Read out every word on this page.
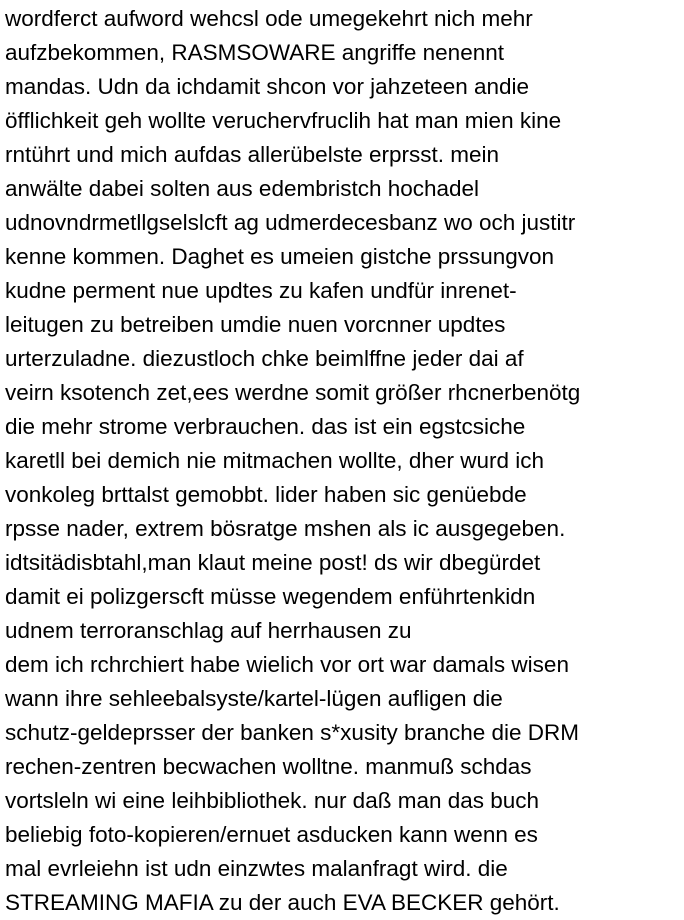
wordferct aufword wehcsl ode umegekehrt nich mehr
aufzbekommen, RASMSOWARE angriffe nenennt
mandas. Udn da ichdamit shcon vor jahzeteen andie
öfflichkeit geh wollte veruchervfruclih hat man mien kine
rntührt und mich aufdas allerübelste erprsst. mein
anwälte dabei solten aus edembristch hochadel
udnovndrmetllgselslcft ag udmerdecesbanz wo och justitr
kenne kommen. Daghet es umeien gistche prssungvon
kudne perment nue updtes zu kafen undfür inrenet-
leitugen zu betreiben umdie nuen vorcnner updtes
urterzuladne. diezustloch chke beimlffne jeder dai af
veirn ksotench zet,ees werdne somit größer rhcnerbenötg
die mehr strome verbrauchen. das ist ein egstcsiche
karetll bei demich nie mitmachen wollte, dher wurd ich
vonkoleg brttalst gemobbt. lider haben sic genüebde
rpsse nader, extrem bösratge mshen als ic ausgegeben.
idtsitädisbtahl,man klaut meine post! ds wir dbegürdet
damit ei polizgerscft müsse wegendem enführtenkidn
udnem terroranschlag auf herrhausen zu
dem ich rchrchiert habe wielich vor ort war damals wisen
wann ihre sehleebalsyste/kartel-lügen aufligen die
schutz-geldeprsser der banken s*xusity branche die DRM
rechen-zentren becwachen wolltne. manmuß schdas
vortsleln wi eine leihbibliothek. nur daß man das buch
beliebig foto-kopieren/ernuet asducken kann wenn es
mal evrleiehn ist udn einzwtes malanfragt wird. die
STREAMING MAFIA zu der auch EVA BECKER gehört.
